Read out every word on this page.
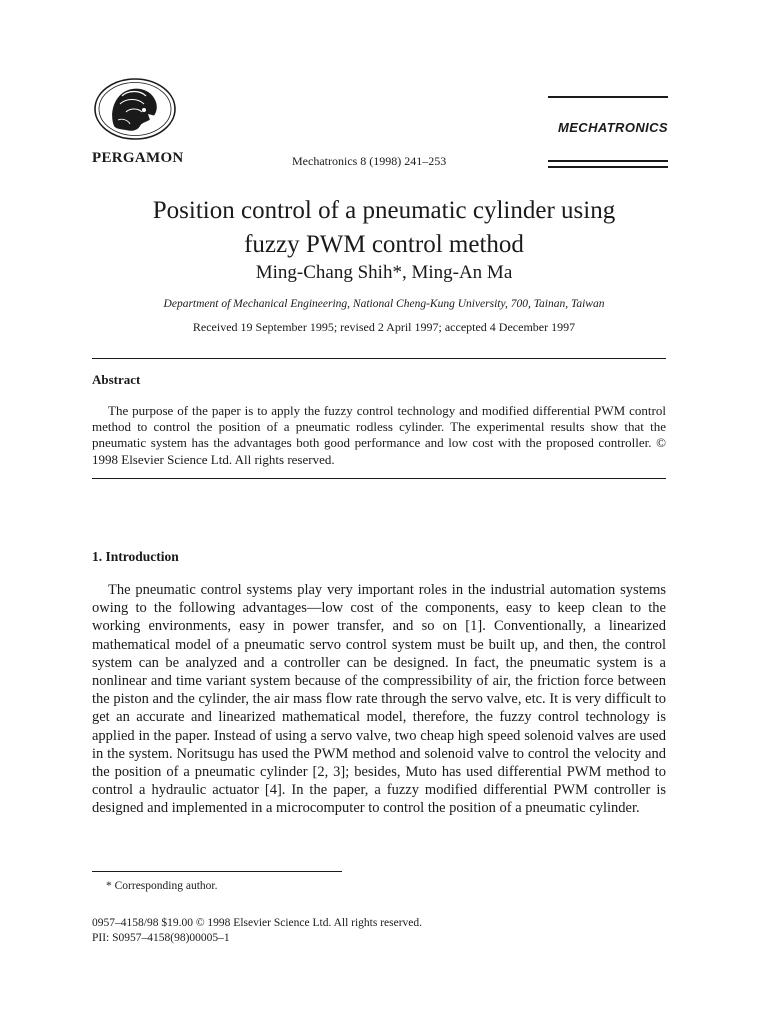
PERGAMON	Mechatronics 8 (1998) 241–253
MECHATRONICS
Position control of a pneumatic cylinder using
fuzzy PWM control method
Ming-Chang Shih*, Ming-An Ma
Department of Mechanical Engineering, National Cheng-Kung University, 700, Tainan, Taiwan
Received 19 September 1995; revised 2 April 1997; accepted 4 December 1997
Abstract
The purpose of the paper is to apply the fuzzy control technology and modified differential PWM control method to control the position of a pneumatic rodless cylinder. The experimental results show that the pneumatic system has the advantages both good performance and low cost with the proposed controller. © 1998 Elsevier Science Ltd. All rights reserved.
1. Introduction
The pneumatic control systems play very important roles in the industrial automation systems owing to the following advantages—low cost of the components, easy to keep clean to the working environments, easy in power transfer, and so on [1]. Conventionally, a linearized mathematical model of a pneumatic servo control system must be built up, and then, the control system can be analyzed and a controller can be designed. In fact, the pneumatic system is a nonlinear and time variant system because of the compressibility of air, the friction force between the piston and the cylinder, the air mass flow rate through the servo valve, etc. It is very difficult to get an accurate and linearized mathematical model, therefore, the fuzzy control technology is applied in the paper. Instead of using a servo valve, two cheap high speed solenoid valves are used in the system. Noritsugu has used the PWM method and solenoid valve to control the velocity and the position of a pneumatic cylinder [2, 3]; besides, Muto has used differential PWM method to control a hydraulic actuator [4]. In the paper, a fuzzy modified differential PWM controller is designed and implemented in a microcomputer to control the position of a pneumatic cylinder.
* Corresponding author.
0957–4158/98 $19.00 © 1998 Elsevier Science Ltd. All rights reserved.
PII: S0957–4158(98)00005–1
